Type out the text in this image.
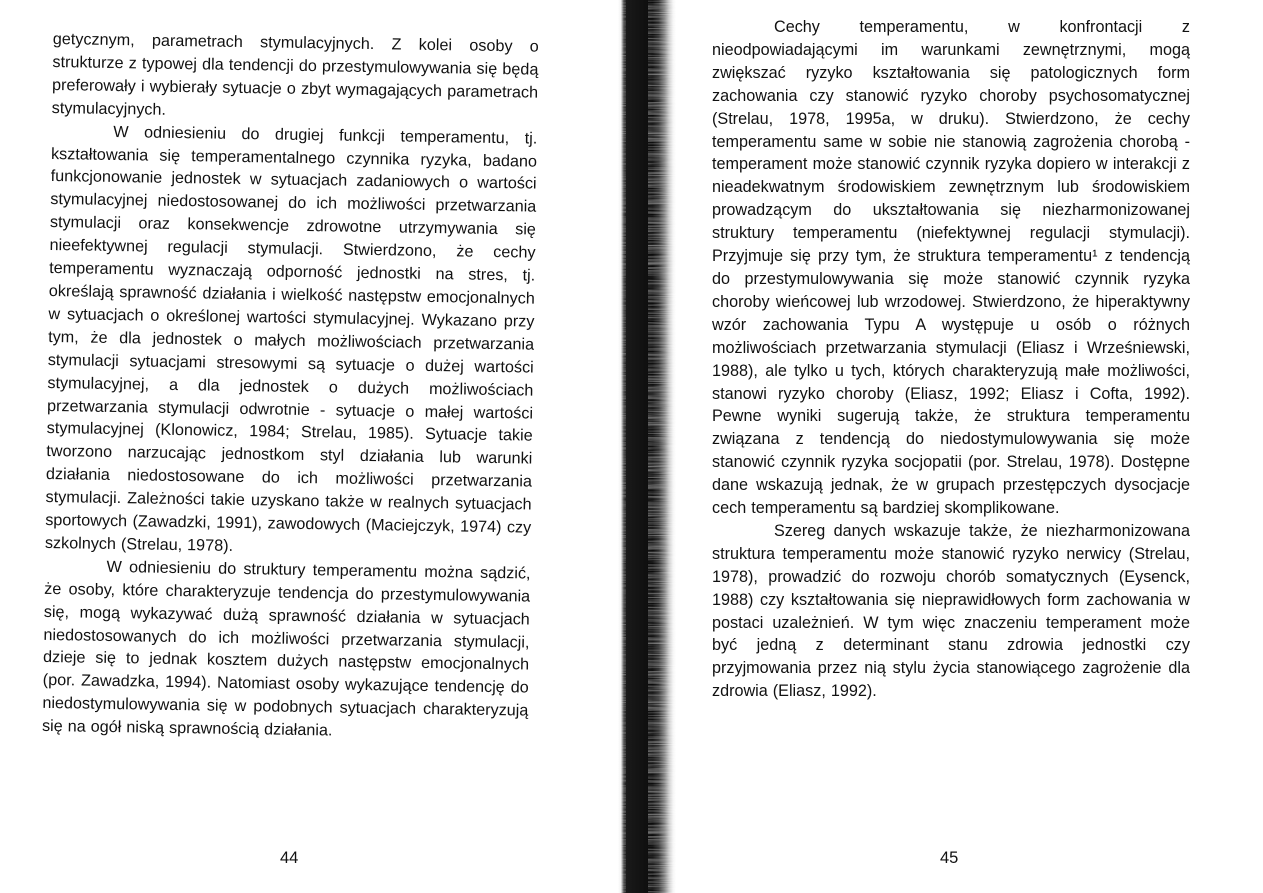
getycznym, parametrach stymulacyjnych. Z kolei osoby o strukturze z typowej dla tendencji do przestymulowywania się będą preferowały i wybierały sytuacje o zbyt wymagających parametrach stymulacyjnych.

W odniesieniu do drugiej funkcji temperamentu, tj. kształtowania się temperamentalnego czynnika ryzyka, badano funkcjonowanie jednostek w sytuacjach zadaniowych o wartości stymulacyjnej niedostosowanej do ich możliwości przetwarzania stymulacji oraz konsekwencje zdrowotne utrzymywania się nieefektywnej regulacji stymulacji. Stwierdzono, że cechy temperamentu wyznaczają odporność jednostki na stres, tj. określają sprawność działania i wielkość następstw emocjonalnych w sytuacjach o określonej wartości stymulacyjnej. Wykazano przy tym, że dla jednostek o małych możliwościach przetwarzania stymulacji sytuacjami stresowymi są sytuacje o dużej wartości stymulacyjnej, a dla jednostek o dużych możliwościach przetwarzania stymulacji odwrotnie - sytuacje o małej wartości stymulacyjnej (Klonowicz, 1984; Strelau, 1985). Sytuacje takie tworzono narzucając jednostkom styl działania lub warunki działania niedostosowane do ich możliwości przetwarzania stymulacji. Zależności takie uzyskano także w realnych sytuacjach sportowych (Zawadzki, 1991), zawodowych (Maciejczyk, 1974) czy szkolnych (Strelau, 1978).

W odniesieniu do struktury temperamentu można sądzić, że osoby, które charakteryzuje tendencja do przestymulowywania się, mogą wykazywać dużą sprawność działania w sytuacjach niedostosowanych do ich możliwości przetwarzania stymulacji, dzieje się to jednak kosztem dużych następstw emocjonalnych (por. Zawadzka, 1994). Natomiast osoby wykazujące tendencję do niedostymulowywania się w podobnych sytuacjach charakteryzują się na ogół niską sprawnością działania.

44

Cechy temperamentu, w konfrontacji z nieodpowiadającymi im warunkami zewnętrznymi, mogą zwiększać ryzyko kształtowania się patologicznych form zachowania czy stanowić ryzyko choroby psychosomatycznej (Strelau, 1978, 1995a, w druku). Stwierdzono, że cechy temperamentu same w sobie nie stanowią zagrożenia chorobą - temperament może stanowić czynnik ryzyka dopiero w interakcji z nieadekwatnym środowiskiem zewnętrznym lub środowiskiem prowadzącym do ukształtowania się niezharmonizowanej struktury temperamentu (niefektywnej regulacji stymulacji). Przyjmuje się przy tym, że struktura temperamentu¹ z tendencją do przestymulowywania się może stanowić czynnik ryzyka choroby wieńcowej lub wrzodowej. Stwierdzono, że hiperaktywny wzór zachowania Typu A występuje u osób o różnych możliwościach przetwarzania stymulacji (Eliasz i Wrześniewski, 1988), ale tylko u tych, których charakteryzują małe możliwości, stanowi ryzyko choroby (Eliasz, 1992; Eliasz i Cofta, 1992). Pewne wyniki sugerują także, że struktura temperamentu związana z tendencją do niedostymulowywania się może stanowić czynnik ryzyka socjopatii (por. Strelau, 1978). Dostępne dane wskazują jednak, że w grupach przestępczych dysocjacje cech temperamentu są bardziej skomplikowane.

Szereg danych wskazuje także, że niezharmonizowana struktura temperamentu może stanowić ryzyko nerwicy (Strelau, 1978), prowadzić do rozwoju chorób somatycznych (Eysenck, 1988) czy kształtowania się nieprawidłowych form zachowania w postaci uzależnień. W tym więc znaczeniu temperament może być jedną z determinant stanu zdrowia jednostki czy przyjmowania przez nią stylu życia stanowiącego zagrożenie dla zdrowia (Eliasz, 1992).

45
